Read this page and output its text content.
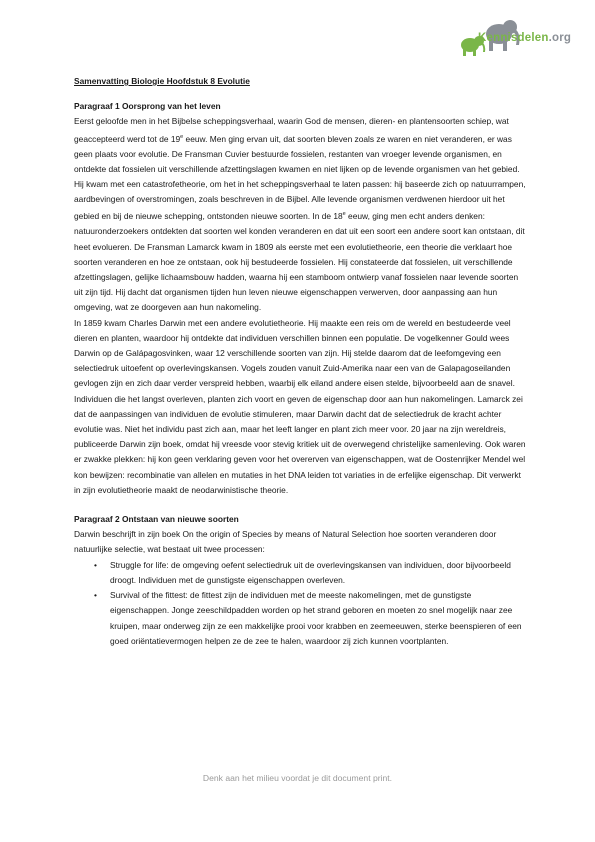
Kennisdelen.org

Samenvatting Biologie Hoofdstuk 8 Evolutie

Paragraaf 1 Oorsprong van het leven

Eerst geloofde men in het Bijbelse scheppingsverhaal, waarin God de mensen, dieren- en plantensoorten schiep, wat geaccepteerd werd tot de 19e eeuw. Men ging ervan uit, dat soorten bleven zoals ze waren en niet veranderen, er was geen plaats voor evolutie. De Fransman Cuvier bestuurde fossielen, restanten van vroeger levende organismen, en ontdekte dat fossielen uit verschillende afzettingslagen kwamen en niet lijken op de levende organismen van het gebied. Hij kwam met een catastrofetheorie, om het in het scheppingsverhaal te laten passen: hij baseerde zich op natuurrampen, aardbevingen of overstromingen, zoals beschreven in de Bijbel. Alle levende organismen verdwenen hierdoor uit het gebied en bij de nieuwe schepping, ontstonden nieuwe soorten. In de 18e eeuw, ging men echt anders denken: natuuronderzoekers ontdekten dat soorten wel konden veranderen en dat uit een soort een andere soort kan ontstaan, dit heet evolueren. De Fransman Lamarck kwam in 1809 als eerste met een evolutietheorie, een theorie die verklaart hoe soorten veranderen en hoe ze ontstaan, ook hij bestudeerde fossielen. Hij constateerde dat fossielen, uit verschillende afzettingslagen, gelijke lichaamsbouw hadden, waarna hij een stamboom ontwierp vanaf fossielen naar levende soorten uit zijn tijd. Hij dacht dat organismen tijden hun leven nieuwe eigenschappen verwerven, door aanpassing aan hun omgeving, wat ze doorgeven aan hun nakomeling.

In 1859 kwam Charles Darwin met een andere evolutietheorie. Hij maakte een reis om de wereld en bestudeerde veel dieren en planten, waardoor hij ontdekte dat individuen verschillen binnen een populatie. De vogelkenner Gould wees Darwin op de Galápagosvinken, waar 12 verschillende soorten van zijn. Hij stelde daarom dat de leefomgeving een selectiedruk uitoefent op overlevingskansen. Vogels zouden vanuit Zuid-Amerika naar een van de Galapagoseilanden gevlogen zijn en zich daar verder verspreid hebben, waarbij elk eiland andere eisen stelde, bijvoorbeeld aan de snavel. Individuen die het langst overleven, planten zich voort en geven de eigenschap door aan hun nakomelingen. Lamarck zei dat de aanpassingen van individuen de evolutie stimuleren, maar Darwin dacht dat de selectiedruk de kracht achter evolutie was. Niet het individu past zich aan, maar het leeft langer en plant zich meer voor. 20 jaar na zijn wereldreis, publiceerde Darwin zijn boek, omdat hij vreesde voor stevig kritiek uit de overwegend christelijke samenleving. Ook waren er zwakke plekken: hij kon geen verklaring geven voor het overerven van eigenschappen, wat de Oostenrijker Mendel wel kon bewijzen: recombinatie van allelen en mutaties in het DNA leiden tot variaties in de erfelijke eigenschap. Dit verwerkt in zijn evolutietheorie maakt de neodarwinistische theorie.

Paragraaf 2 Ontstaan van nieuwe soorten

Darwin beschrijft in zijn boek On the origin of Species by means of Natural Selection hoe soorten veranderen door natuurlijke selectie, wat bestaat uit twee processen:

• Struggle for life: de omgeving oefent selectiedruk uit de overlevingskansen van individuen, door bijvoorbeeld droogt. Individuen met de gunstigste eigenschappen overleven.
• Survival of the fittest: de fittest zijn de individuen met de meeste nakomelingen, met de gunstigste eigenschappen. Jonge zeeschildpadden worden op het strand geboren en moeten zo snel mogelijk naar zee kruipen, maar onderweg zijn ze een makkelijke prooi voor krabben en zeemeeuwen, sterke beenspieren of een goed oriëntatievermogen helpen ze de zee te halen, waardoor zij zich kunnen voortplanten.
Denk aan het milieu voordat je dit document print.
